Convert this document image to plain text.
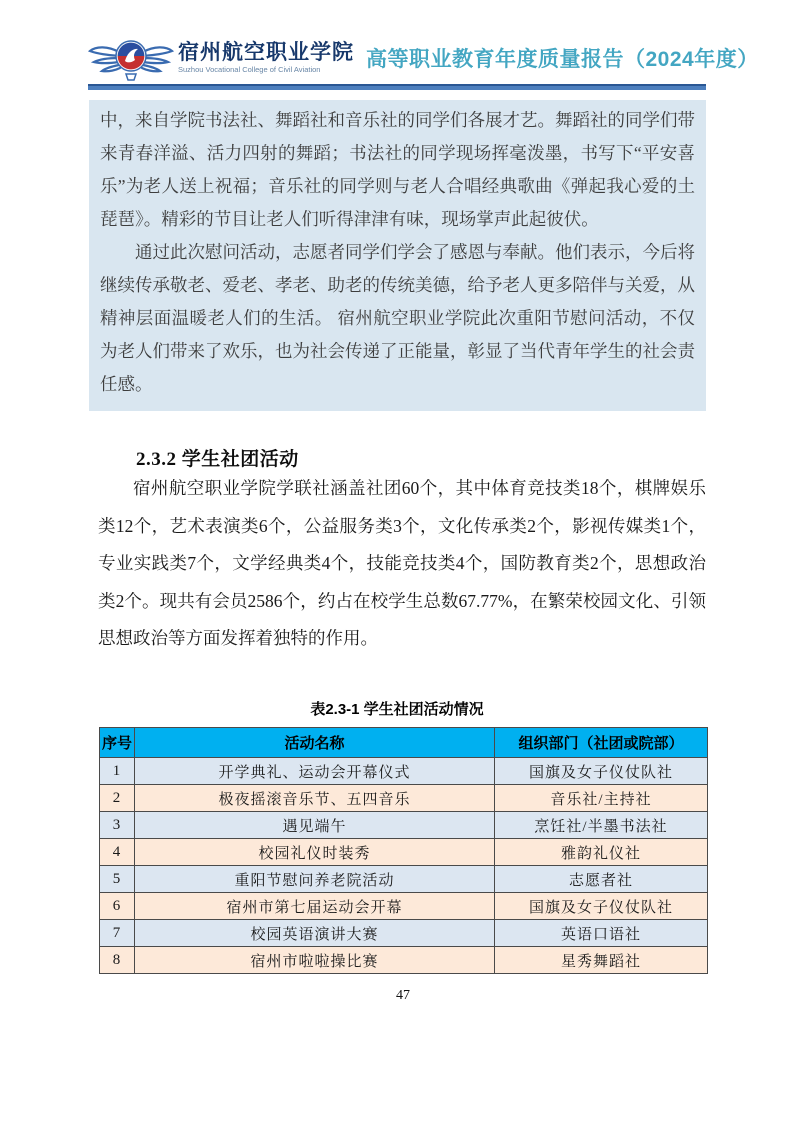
宿州航空职业学院
Suzhou Vocational College of Civil Aviation	高等职业教育年度质量报告（2024年度）

中，来自学院书法社、舞蹈社和音乐社的同学们各展才艺。舞蹈社的同学们带来青春洋溢、活力四射的舞蹈；书法社的同学现场挥毫泼墨，书写下“平安喜乐”为老人送上祝福；音乐社的同学则与老人合唱经典歌曲《弹起我心爱的土琵琶》。精彩的节目让老人们听得津津有味，现场掌声此起彼伏。

通过此次慰问活动，志愿者同学们学会了感恩与奉献。他们表示，今后将继续传承敬老、爱老、孝老、助老的传统美德，给予老人更多陪伴与关爱，从精神层面温暖老人们的生活。 宿州航空职业学院此次重阳节慰问活动，不仅为老人们带来了欢乐，也为社会传递了正能量，彰显了当代青年学生的社会责任感。

2.3.2 学生社团活动

宿州航空职业学院学联社涵盖社团60个，其中体育竞技类18个，棋牌娱乐类12个，艺术表演类6个，公益服务类3个，文化传承类2个，影视传媒类1个，专业实践类7个，文学经典类4个，技能竞技类4个，国防教育类2个，思想政治类2个。现共有会员2586个，约占在校学生总数67.77%，在繁荣校园文化、引领思想政治等方面发挥着独特的作用。

表2.3-1 学生社团活动情况
序号	活动名称	组织部门（社团或院部）
1	开学典礼、运动会开幕仪式	国旗及女子仪仗队社
2	极夜摇滚音乐节、五四音乐	音乐社/主持社
3	遇见端午	烹饪社/半墨书法社
4	校园礼仪时装秀	雅韵礼仪社
5	重阳节慰问养老院活动	志愿者社
6	宿州市第七届运动会开幕	国旗及女子仪仗队社
7	校园英语演讲大赛	英语口语社
8	宿州市啦啦操比赛	星秀舞蹈社
47
